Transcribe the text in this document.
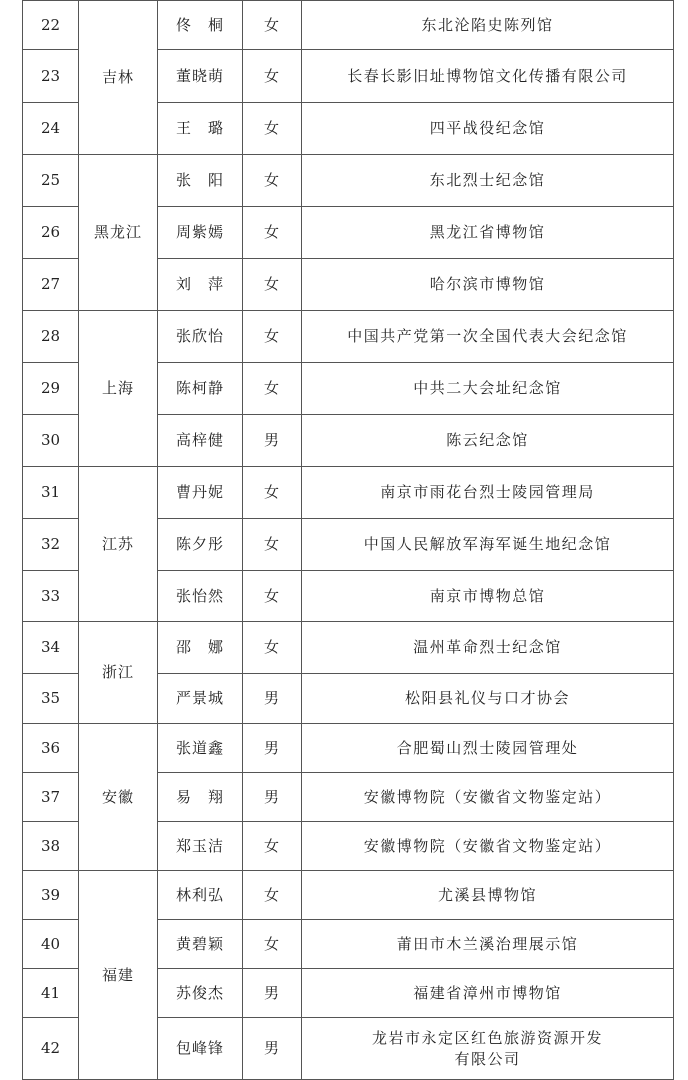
22	吉林	佟　桐	女	东北沦陷史陈列馆
23		董晓萌	女	长春长影旧址博物馆文化传播有限公司
24		王　璐	女	四平战役纪念馆
25	黑龙江	张　阳	女	东北烈士纪念馆
26		周紫嫣	女	黑龙江省博物馆
27		刘　萍	女	哈尔滨市博物馆
28	上海	张欣怡	女	中国共产党第一次全国代表大会纪念馆
29		陈柯静	女	中共二大会址纪念馆
30		高梓健	男	陈云纪念馆
31	江苏	曹丹妮	女	南京市雨花台烈士陵园管理局
32		陈夕彤	女	中国人民解放军海军诞生地纪念馆
33		张怡然	女	南京市博物总馆
34	浙江	邵　娜	女	温州革命烈士纪念馆
35		严景城	男	松阳县礼仪与口才协会
36	安徽	张道鑫	男	合肥蜀山烈士陵园管理处
37		易　翔	男	安徽博物院（安徽省文物鉴定站）
38		郑玉洁	女	安徽博物院（安徽省文物鉴定站）
39	福建	林利弘	女	尤溪县博物馆
40		黄碧颖	女	莆田市木兰溪治理展示馆
41		苏俊杰	男	福建省漳州市博物馆
42		包峰锋	男	龙岩市永定区红色旅游资源开发
有限公司
